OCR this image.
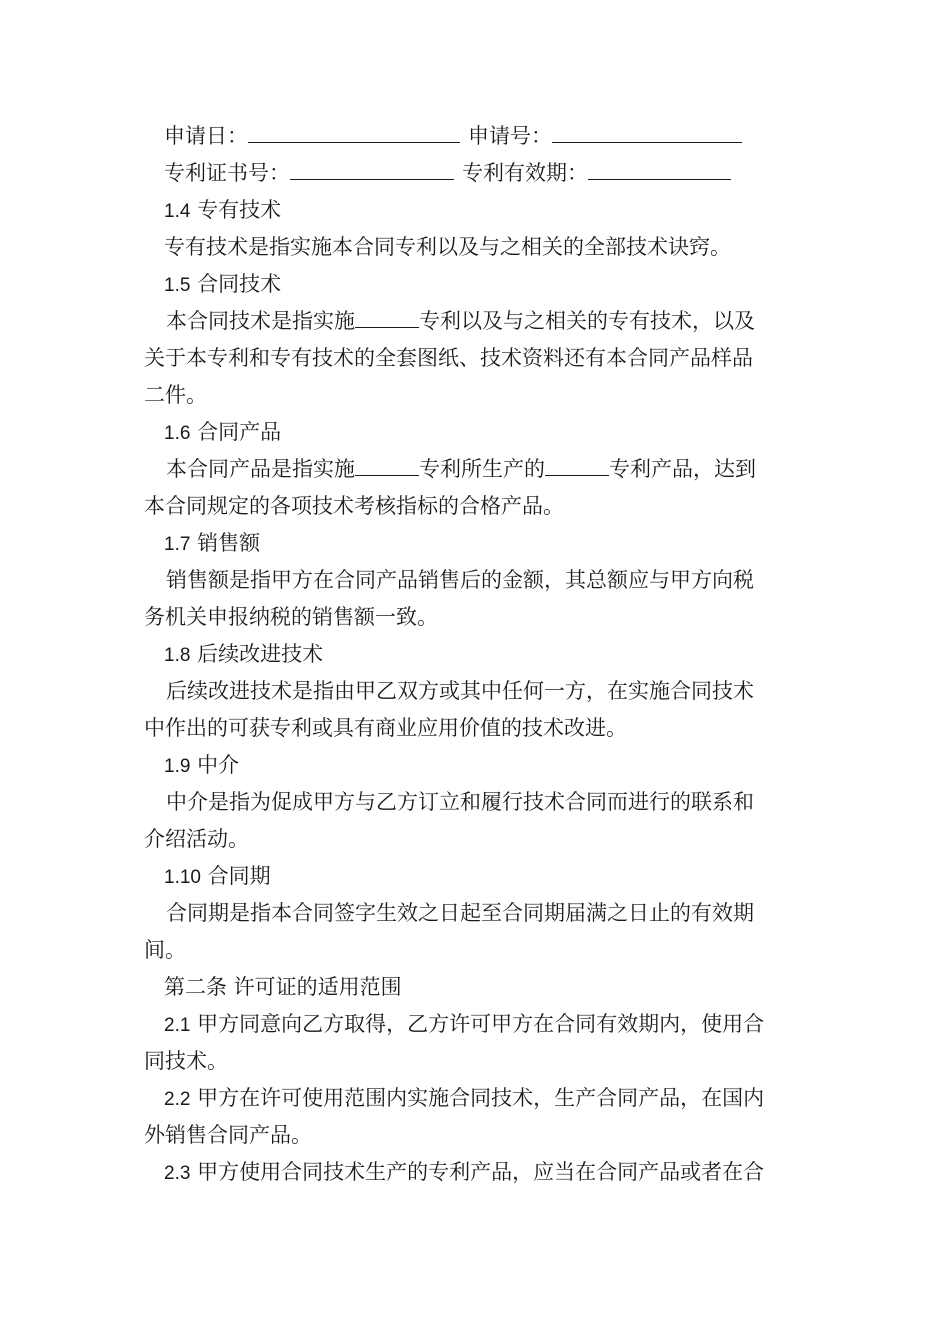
申请日：	申请号：
专利证书号：	专利有效期：
1.4 专有技术
专有技术是指实施本合同专利以及与之相关的全部技术诀窍。
1.5 合同技术
本合同技术是指实施	专利以及与之相关的专有技术，以及
关于本专利和专有技术的全套图纸、技术资料还有本合同产品样品
二件。
1.6 合同产品
本合同产品是指实施	专利所生产的	专利产品，达到
本合同规定的各项技术考核指标的合格产品。
1.7 销售额
销售额是指甲方在合同产品销售后的金额，其总额应与甲方向税
务机关申报纳税的销售额一致。
1.8 后续改进技术
后续改进技术是指由甲乙双方或其中任何一方，在实施合同技术
中作出的可获专利或具有商业应用价值的技术改进。
1.9 中介
中介是指为促成甲方与乙方订立和履行技术合同而进行的联系和
介绍活动。
1.10 合同期
合同期是指本合同签字生效之日起至合同期届满之日止的有效期
间。
第二条 许可证的适用范围
2.1 甲方同意向乙方取得，乙方许可甲方在合同有效期内，使用合
同技术。
2.2 甲方在许可使用范围内实施合同技术，生产合同产品，在国内
外销售合同产品。
2.3 甲方使用合同技术生产的专利产品，应当在合同产品或者在合
